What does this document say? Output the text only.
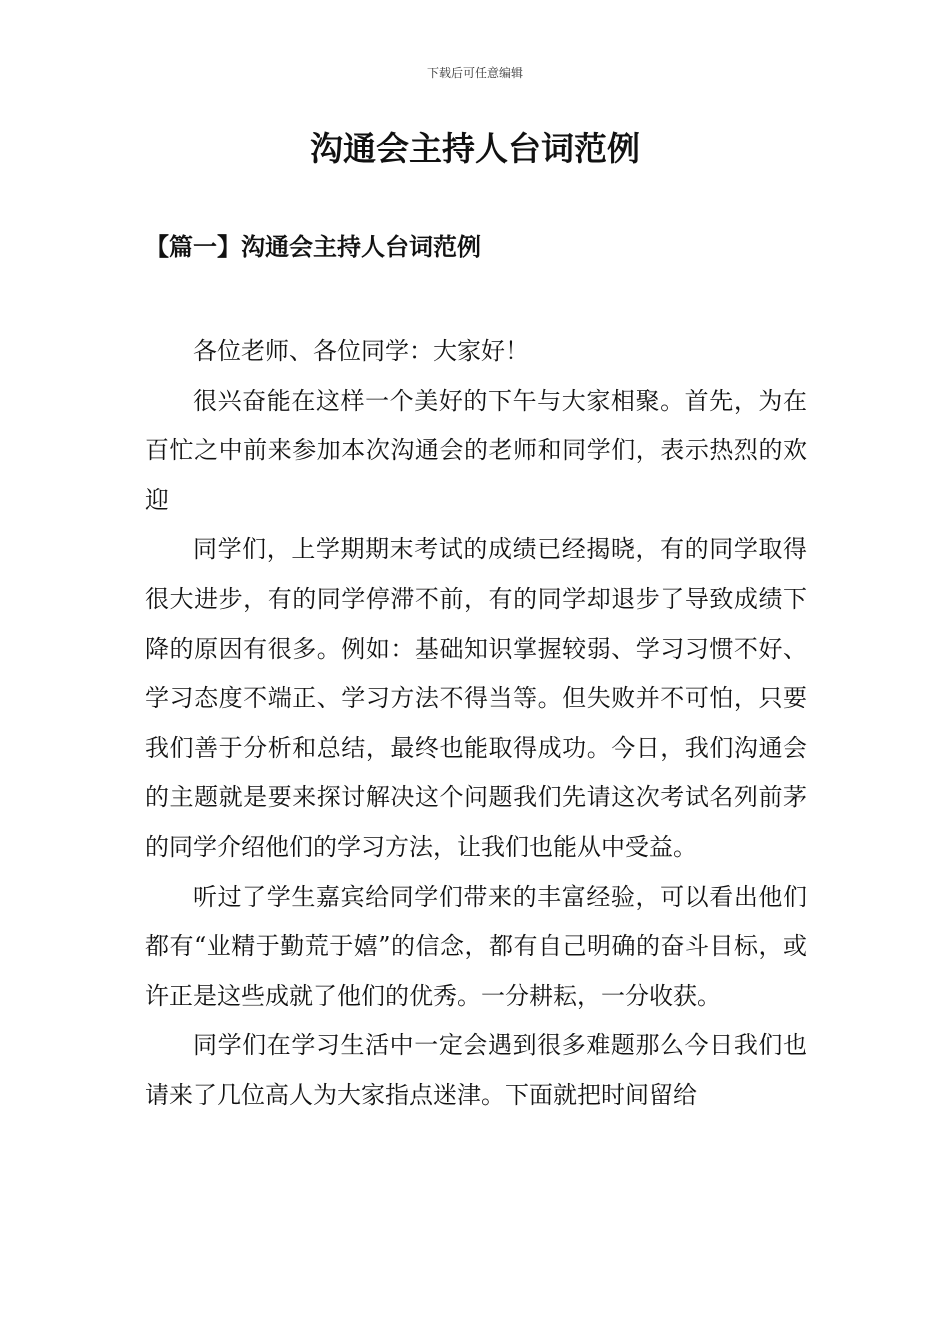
下载后可任意编辑
沟通会主持人台词范例
【篇一】沟通会主持人台词范例

各位老师、各位同学：大家好！

很兴奋能在这样一个美好的下午与大家相聚。首先，为在百忙之中前来参加本次沟通会的老师和同学们，表示热烈的欢迎

同学们，上学期期末考试的成绩已经揭晓，有的同学取得很大进步，有的同学停滞不前，有的同学却退步了导致成绩下降的原因有很多。例如：基础知识掌握较弱、学习习惯不好、学习态度不端正、学习方法不得当等。但失败并不可怕，只要我们善于分析和总结，最终也能取得成功。今日，我们沟通会的主题就是要来探讨解决这个问题我们先请这次考试名列前茅的同学介绍他们的学习方法，让我们也能从中受益。

听过了学生嘉宾给同学们带来的丰富经验，可以看出他们都有“业精于勤荒于嬉”的信念，都有自己明确的奋斗目标，或许正是这些成就了他们的优秀。一分耕耘，一分收获。

同学们在学习生活中一定会遇到很多难题那么今日我们也请来了几位高人为大家指点迷津。下面就把时间留给
